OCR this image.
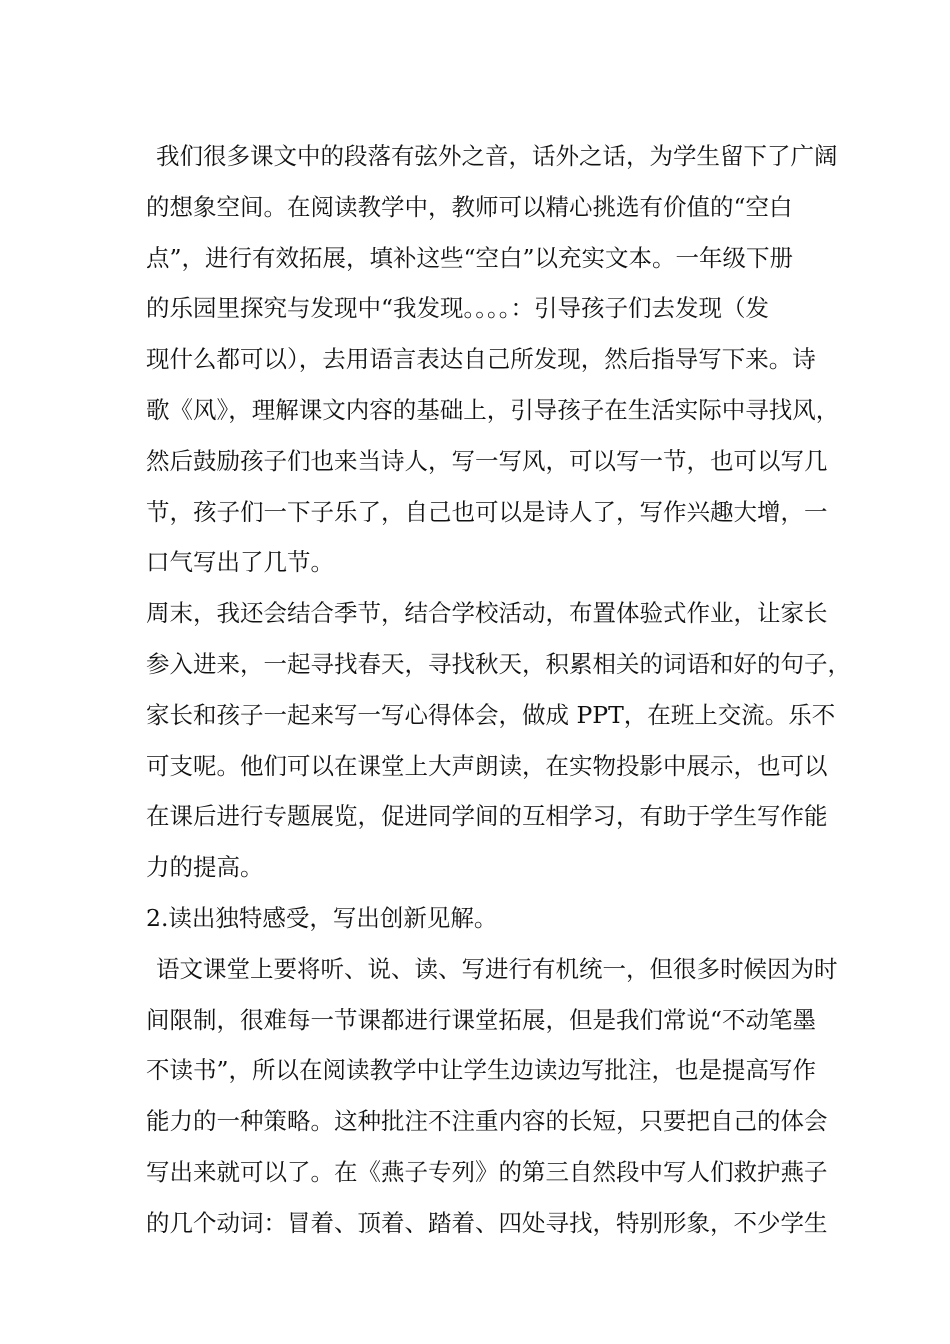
我们很多课文中的段落有弦外之音，话外之话，为学生留下了广阔
的想象空间。在阅读教学中，教师可以精心挑选有价值的“空白
点”，进行有效拓展，填补这些“空白”以充实文本。一年级下册
的乐园里探究与发现中“我发现。。。。：引导孩子们去发现（发
现什么都可以），去用语言表达自己所发现，然后指导写下来。诗
歌《风》，理解课文内容的基础上，引导孩子在生活实际中寻找风，
然后鼓励孩子们也来当诗人，写一写风，可以写一节，也可以写几
节，孩子们一下子乐了，自己也可以是诗人了，写作兴趣大增，一
口气写出了几节。
周末，我还会结合季节，结合学校活动，布置体验式作业，让家长
参入进来，一起寻找春天，寻找秋天，积累相关的词语和好的句子，
家长和孩子一起来写一写心得体会，做成 PPT，在班上交流。乐不
可支呢。他们可以在课堂上大声朗读，在实物投影中展示，也可以
在课后进行专题展览，促进同学间的互相学习，有助于学生写作能
力的提高。
2.读出独特感受，写出创新见解。
语文课堂上要将听、说、读、写进行有机统一，但很多时候因为时
间限制，很难每一节课都进行课堂拓展，但是我们常说“不动笔墨
不读书”，所以在阅读教学中让学生边读边写批注，也是提高写作
能力的一种策略。这种批注不注重内容的长短，只要把自己的体会
写出来就可以了。在《燕子专列》的第三自然段中写人们救护燕子
的几个动词：冒着、顶着、踏着、四处寻找，特别形象，不少学生
